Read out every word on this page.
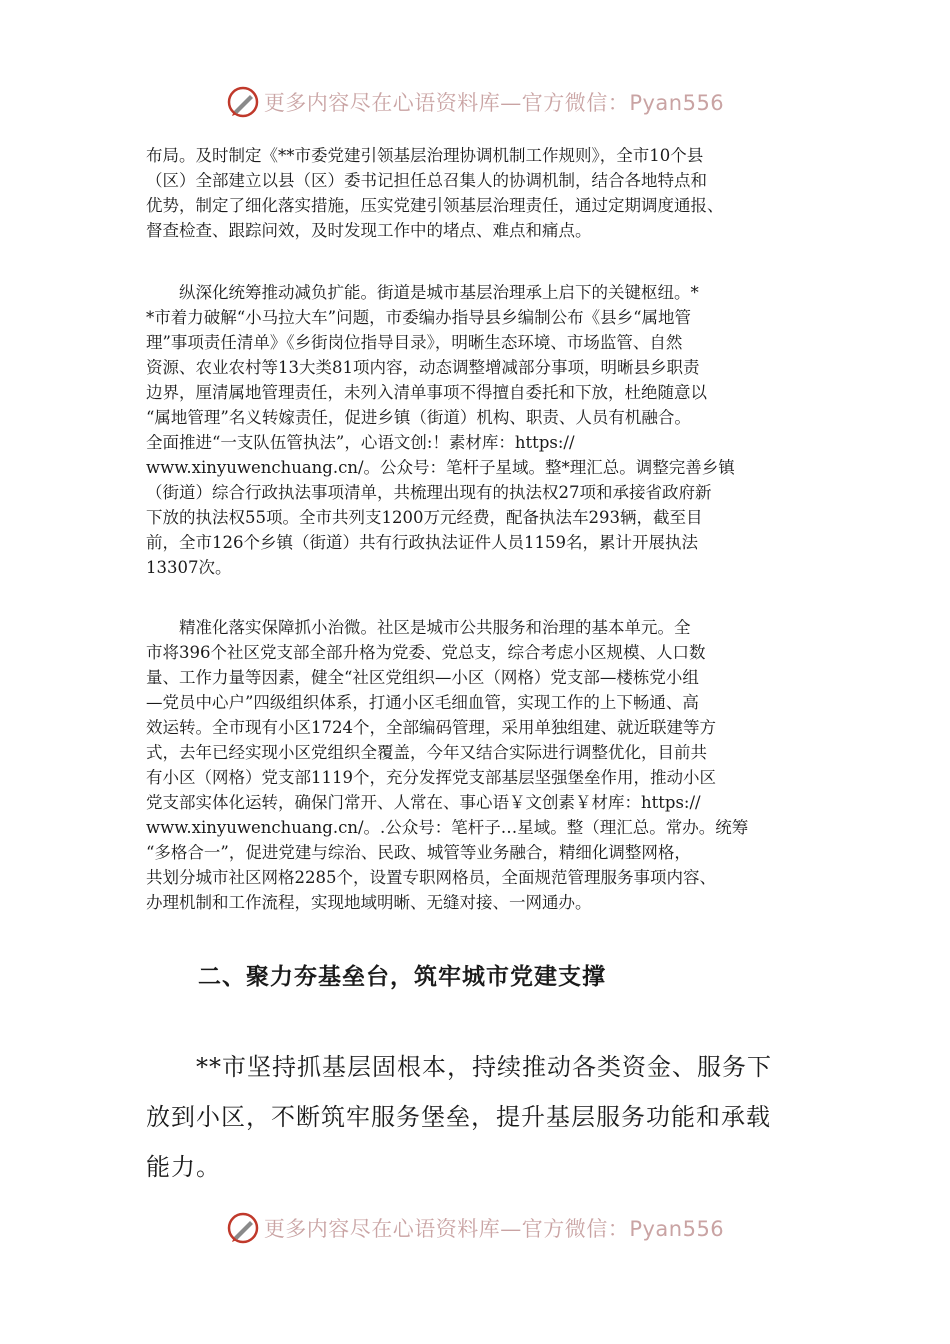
更多内容尽在心语资料库—官方微信：Pyan556

布局。及时制定《**市委党建引领基层治理协调机制工作规则》，全市10个县
（区）全部建立以县（区）委书记担任总召集人的协调机制，结合各地特点和
优势，制定了细化落实措施，压实党建引领基层治理责任，通过定期调度通报、
督查检查、跟踪问效，及时发现工作中的堵点、难点和痛点。

　　纵深化统筹推动减负扩能。街道是城市基层治理承上启下的关键枢纽。*
*市着力破解“小马拉大车”问题，市委编办指导县乡编制公布《县乡“属地管
理”事项责任清单》《乡街岗位指导目录》，明晰生态环境、市场监管、自然
资源、农业农村等13大类81项内容，动态调整增减部分事项，明晰县乡职责
边界，厘清属地管理责任，未列入清单事项不得擅自委托和下放，杜绝随意以
“属地管理”名义转嫁责任，促进乡镇（街道）机构、职责、人员有机融合。
全面推进“一支队伍管执法”，心语文创:！素材库：https://
www.xinyuwenchuang.cn/。公众号：笔杆子星域。整*理汇总。调整完善乡镇
（街道）综合行政执法事项清单，共梳理出现有的执法权27项和承接省政府新
下放的执法权55项。全市共列支1200万元经费，配备执法车293辆，截至目
前，全市126个乡镇（街道）共有行政执法证件人员1159名，累计开展执法
13307次。

　　精准化落实保障抓小治微。社区是城市公共服务和治理的基本单元。全
市将396个社区党支部全部升格为党委、党总支，综合考虑小区规模、人口数
量、工作力量等因素，健全“社区党组织—小区（网格）党支部—楼栋党小组
—党员中心户”四级组织体系，打通小区毛细血管，实现工作的上下畅通、高
效运转。全市现有小区1724个，全部编码管理，采用单独组建、就近联建等方
式，去年已经实现小区党组织全覆盖，今年又结合实际进行调整优化，目前共
有小区（网格）党支部1119个，充分发挥党支部基层坚强堡垒作用，推动小区
党支部实体化运转，确保门常开、人常在、事心语￥文创素￥材库：https://
www.xinyuwenchuang.cn/。.公众号：笔杆子…星域。整（理汇总。常办。统筹
“多格合一”，促进党建与综治、民政、城管等业务融合，精细化调整网格，
共划分城市社区网格2285个，设置专职网格员，全面规范管理服务事项内容、
办理机制和工作流程，实现地域明晰、无缝对接、一网通办。

二、聚力夯基垒台，筑牢城市党建支撑

　　**市坚持抓基层固根本，持续推动各类资金、服务下
放到小区，不断筑牢服务堡垒，提升基层服务功能和承载
能力。

更多内容尽在心语资料库—官方微信：Pyan556
